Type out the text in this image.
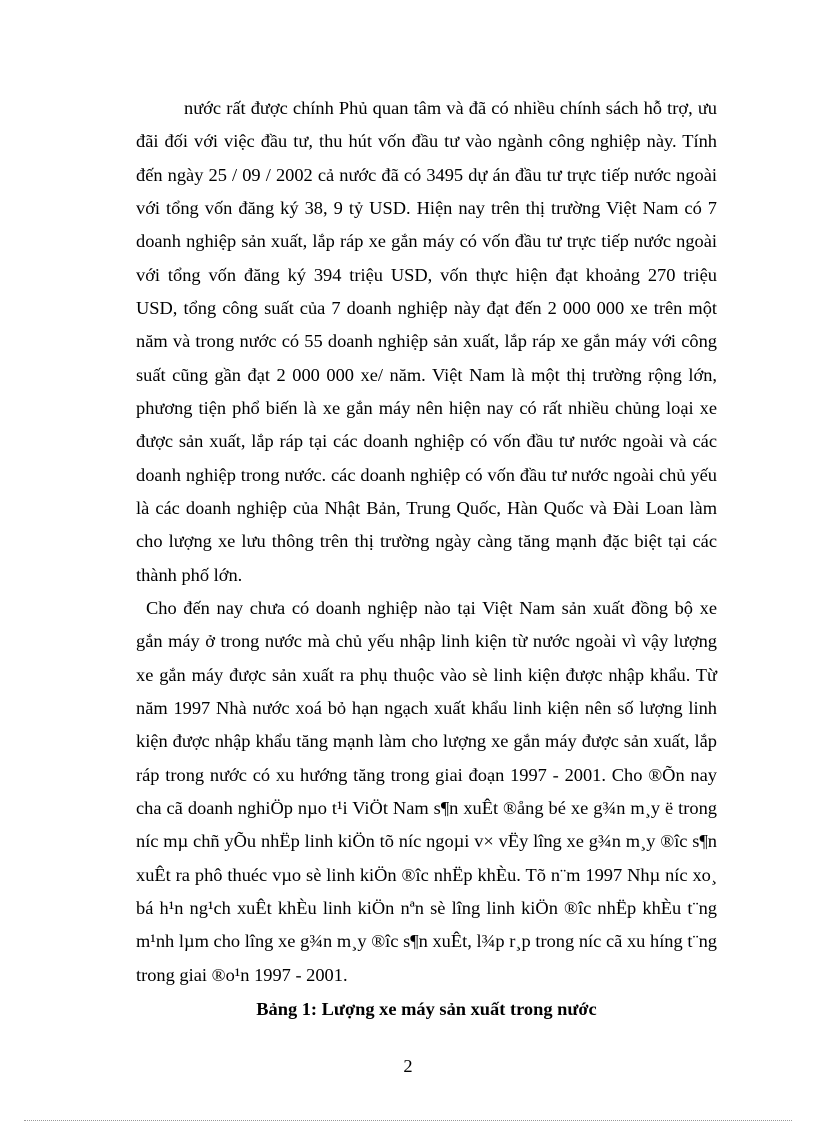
nước rất được chính Phủ quan tâm và đã có nhiều chính sách hỗ trợ, ưu đãi đối với việc đầu tư, thu hút vốn đầu tư vào ngành công nghiệp này. Tính đến ngày 25 / 09 / 2002 cả nước đã có 3495 dự án đầu tư trực tiếp nước ngoài với tổng vốn đăng ký 38, 9 tỷ USD. Hiện nay trên thị trường Việt Nam có 7 doanh nghiệp sản xuất, lắp ráp xe gắn máy có vốn đầu tư trực tiếp nước ngoài với tổng vốn đăng ký 394 triệu USD, vốn thực hiện đạt khoảng 270 triệu USD, tổng công suất của 7 doanh nghiệp này đạt đến 2 000 000 xe trên một năm và trong nước có 55 doanh nghiệp sản xuất, lắp ráp xe gắn máy với công suất cũng gần đạt 2 000 000 xe/ năm. Việt Nam là một thị trường rộng lớn, phương tiện phổ biến là xe gắn máy nên hiện nay có rất nhiều chủng loại xe được sản xuất, lắp ráp tại các doanh nghiệp có vốn đầu tư nước ngoài và các doanh nghiệp trong nước. các doanh nghiệp có vốn đầu tư nước ngoài chủ yếu là các doanh nghiệp của Nhật Bản, Trung Quốc, Hàn Quốc và Đài Loan làm cho lượng xe lưu thông trên thị trường ngày càng tăng mạnh đặc biệt tại các thành phố lớn.

Cho đến nay chưa có doanh nghiệp nào tại Việt Nam sản xuất đồng bộ xe gắn máy ở trong nước mà chủ yếu nhập linh kiện từ nước ngoài vì vậy lượng xe gắn máy được sản xuất ra phụ thuộc vào sè linh kiện được nhập khẩu. Từ năm 1997 Nhà nước xoá bỏ hạn ngạch xuất khẩu linh kiện nên số lượng linh kiện được nhập khẩu tăng mạnh làm cho lượng xe gắn máy được sản xuất, lắp ráp trong nước có xu hướng tăng trong giai đoạn 1997 - 2001. Cho ®Õn nay cha cã doanh nghiÖp nµo t¹i ViÖt Nam s¶n xuÊt ®ång bé xe g¾n m¸y ë trong níc mµ chñ yÕu nhËp linh kiÖn tõ níc ngoµi v× vËy lîng xe g¾n m¸y ®îc s¶n xuÊt ra phô thuéc vµo sè linh kiÖn ®îc nhËp khÈu. Tõ n¨m 1997 Nhµ níc xo¸ bá h¹n ng¹ch xuÊt khÈu linh kiÖn nªn sè lîng linh kiÖn ®îc nhËp khÈu t¨ng m¹nh lµm cho lîng xe g¾n m¸y ®îc s¶n xuÊt, l¾p r¸p trong níc cã xu híng t¨ng trong giai ®o¹n 1997 - 2001.

Bảng 1: Lượng xe máy sản xuất trong nước

2
